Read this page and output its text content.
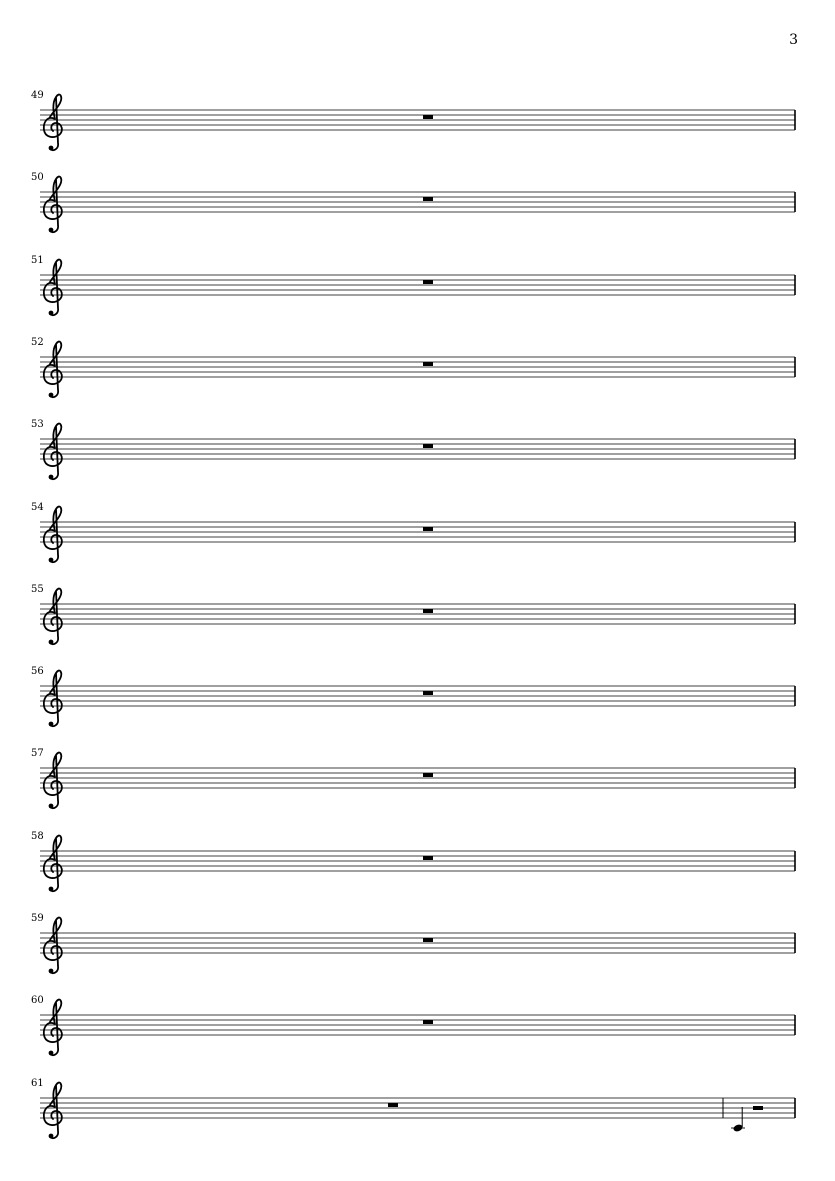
3
49
50
51
52
53
54
55
56
57
58
59
60
61
